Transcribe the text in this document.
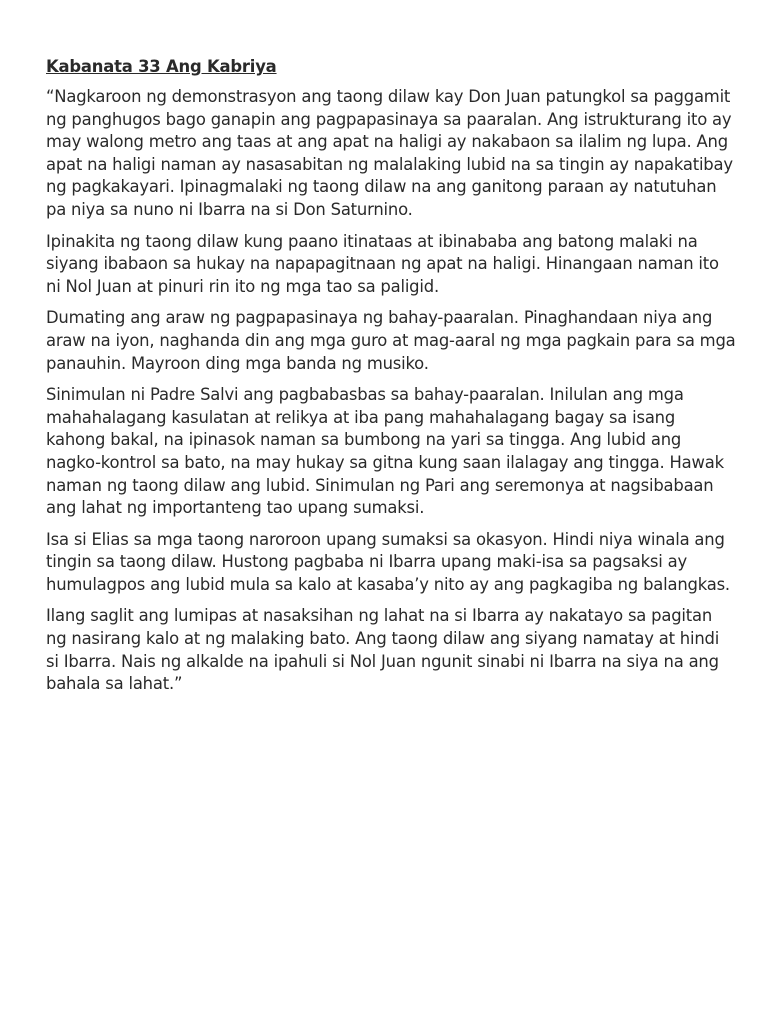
Kabanata 33 Ang Kabriya

“Nagkaroon ng demonstrasyon ang taong dilaw kay Don Juan patungkol sa paggamit ng panghugos bago ganapin ang pagpapasinaya sa paaralan. Ang istrukturang ito ay may walong metro ang taas at ang apat na haligi ay nakabaon sa ilalim ng lupa. Ang apat na haligi naman ay nasasabitan ng malalaking lubid na sa tingin ay napakatibay ng pagkakayari. Ipinagmalaki ng taong dilaw na ang ganitong paraan ay natutuhan pa niya sa nuno ni Ibarra na si Don Saturnino.

Ipinakita ng taong dilaw kung paano itinataas at ibinababa ang batong malaki na siyang ibabaon sa hukay na napapagitnaan ng apat na haligi. Hinangaan naman ito ni Nol Juan at pinuri rin ito ng mga tao sa paligid.

Dumating ang araw ng pagpapasinaya ng bahay-paaralan. Pinaghandaan niya ang araw na iyon, naghanda din ang mga guro at mag-aaral ng mga pagkain para sa mga panauhin. Mayroon ding mga banda ng musiko.

Sinimulan ni Padre Salvi ang pagbabasbas sa bahay-paaralan. Inilulan ang mga mahahalagang kasulatan at relikya at iba pang mahahalagang bagay sa isang kahong bakal, na ipinasok naman sa bumbong na yari sa tingga. Ang lubid ang nagko-kontrol sa bato, na may hukay sa gitna kung saan ilalagay ang tingga. Hawak naman ng taong dilaw ang lubid. Sinimulan ng Pari ang seremonya at nagsibabaan ang lahat ng importanteng tao upang sumaksi.

Isa si Elias sa mga taong naroroon upang sumaksi sa okasyon. Hindi niya winala ang tingin sa taong dilaw. Hustong pagbaba ni Ibarra upang maki-isa sa pagsaksi ay humulagpos ang lubid mula sa kalo at kasaba’y nito ay ang pagkagiba ng balangkas.

Ilang saglit ang lumipas at nasaksihan ng lahat na si Ibarra ay nakatayo sa pagitan ng nasirang kalo at ng malaking bato. Ang taong dilaw ang siyang namatay at hindi si Ibarra. Nais ng alkalde na ipahuli si Nol Juan ngunit sinabi ni Ibarra na siya na ang bahala sa lahat.”
